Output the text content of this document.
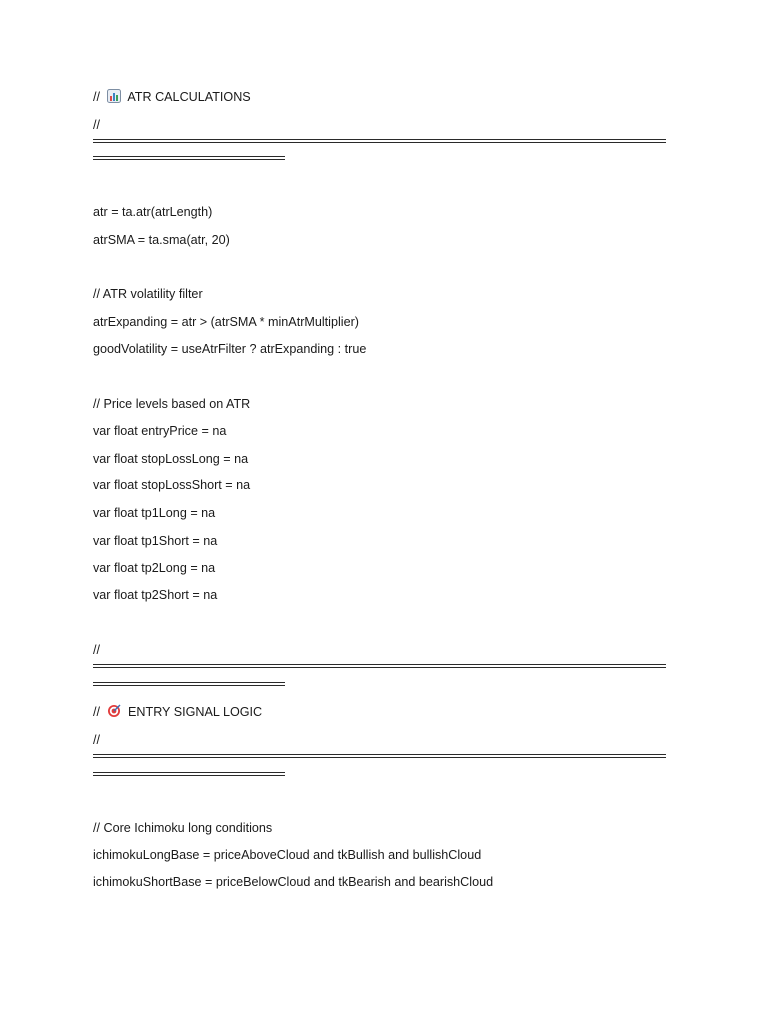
// ATR CALCULATIONS
//
atr = ta.atr(atrLength)
atrSMA = ta.sma(atr, 20)
// ATR volatility filter
atrExpanding = atr > (atrSMA * minAtrMultiplier)
goodVolatility = useAtrFilter ? atrExpanding : true
// Price levels based on ATR
var float entryPrice = na
var float stopLossLong = na
var float stopLossShort = na
var float tp1Long = na
var float tp1Short = na
var float tp2Long = na
var float tp2Short = na
//
// ENTRY SIGNAL LOGIC
//
// Core Ichimoku long conditions
ichimokuLongBase = priceAboveCloud and tkBullish and bullishCloud
ichimokuShortBase = priceBelowCloud and tkBearish and bearishCloud
